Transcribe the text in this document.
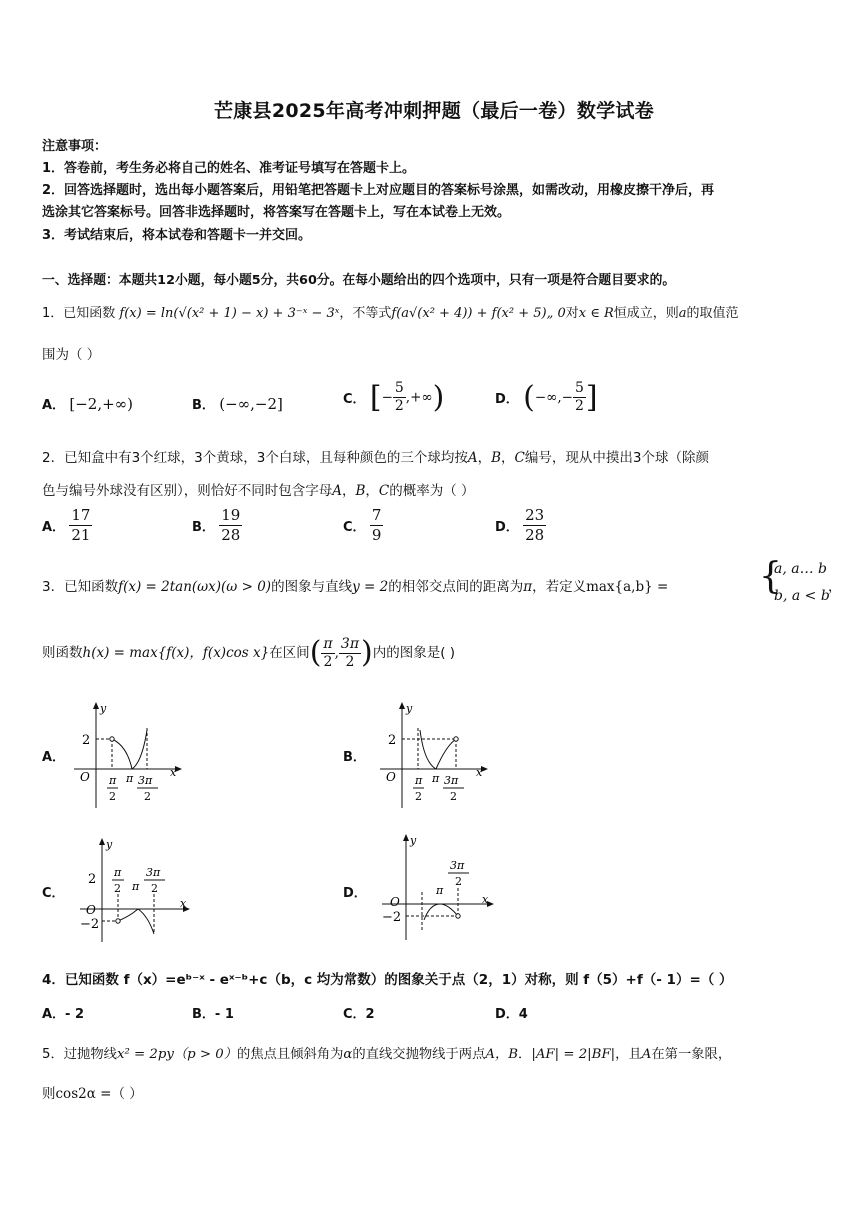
芒康县2025年高考冲刺押题（最后一卷）数学试卷
注意事项：
1．答卷前，考生务必将自己的姓名、准考证号填写在答题卡上。
2．回答选择题时，选出每小题答案后，用铅笔把答题卡上对应题目的答案标号涂黑，如需改动，用橡皮擦干净后，再
选涂其它答案标号。回答非选择题时，将答案写在答题卡上，写在本试卷上无效。
3．考试结束后，将本试卷和答题卡一并交回。
一、选择题：本题共12小题，每小题5分，共60分。在每小题给出的四个选项中，只有一项是符合题目要求的。
1．已知函数 f(x) = ln(√(x² + 1) − x) + 3⁻ˣ − 3ˣ，不等式f(a√(x² + 4)) + f(x² + 5)„ 0对x ∈ R恒成立，则a的取值范
围为（ ）
A． [−2,+∞)	B． (−∞,−2]	C． [− $\frac{5}{2}$ ,+∞)	D． (−∞,− $\frac{5}{2}$ ]
2．已知盒中有3个红球，3个黄球，3个白球，且每种颜色的三个球均按A，B，C编号，现从中摸出3个球（除颜
色与编号外球没有区别），则恰好不同时包含字母A，B，C的概率为（ ）
A． $\frac{17}{21}$	B． $\frac{19}{28}$	C． $\frac{7}{9}$	D． $\frac{23}{28}$
3．已知函数f(x) = 2tan(ωx)(ω > 0)的图象与直线y = 2的相邻交点间的距离为π，若定义max{a,b} =	{
a, a… b
b, a < b
，
则函数h(x) = max{f(x)，f(x)cos x}在区间( $\frac{\pi}{2}$ , $\frac{3\pi}{2}$ )内的图象是( )
A．	B．
C．	D．
y
x
O
2
π
2
π 3π
2
y
x
O
2
π
2
π 3π
2
y
x
O
2
−2
π
2 π
3π
2
y
x
O
−2
π
3π
2
4．已知函数 f（x）=eᵇ⁻ˣ - eˣ⁻ᵇ+c（b，c 均为常数）的图象关于点（2，1）对称，则 f（5）+f（- 1）=（ ）
A．- 2	B．- 1	C．2	D．4
5．过抛物线x² = 2py（p > 0）的焦点且倾斜角为α的直线交抛物线于两点A，B．|AF| = 2|BF|，且A在第一象限，
则cos2α =（ ）
